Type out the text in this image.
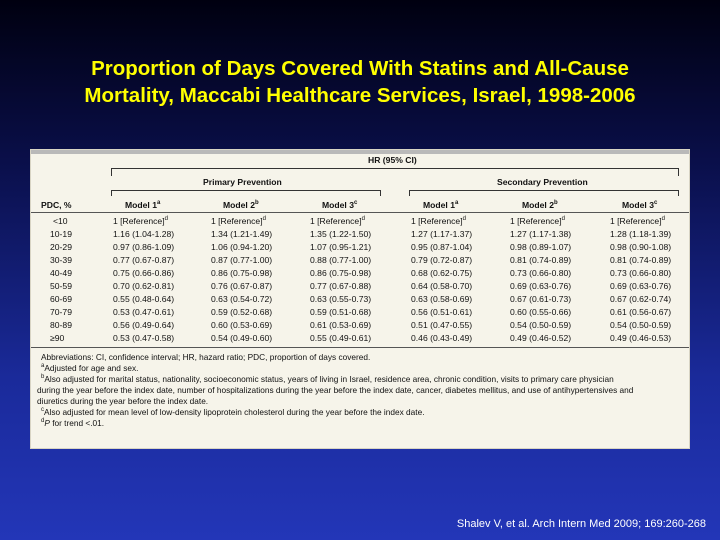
Proportion of Days Covered With Statins and All-Cause
Mortality, Maccabi Healthcare Services, Israel, 1998-2006
HR (95% CI)
Primary Prevention	Secondary Prevention
PDC, %	Model 1$^a$	Model 2$^b$	Model 3$^c$	Model 1$^a$	Model 2$^b$	Model $3^c$
<10	1 [Reference]$^d$	1 [Reference]$^d$	1 [Reference]$^d$	1 [Reference]$^d$	1 [Reference]$^d$	1 [Reference]$^d$
10-19	1.16 (1.04-1.28)	1.34 (1.21-1.49)	1.35 (1.22-1.50)	1.27 (1.17-1.37)	1.27 (1.17-1.38)	1.28 (1.18-1.39)
20-29	0.97 (0.86-1.09)	1.06 (0.94-1.20)	1.07 (0.95-1.21)	0.95 (0.87-1.04)	0.98 (0.89-1.07)	0.98 (0.90-1.08)
30-39	0.77 (0.67-0.87)	0.87 (0.77-1.00)	0.88 (0.77-1.00)	0.79 (0.72-0.87)	0.81 (0.74-0.89)	0.81 (0.74-0.89)
40-49	0.75 (0.66-0.86)	0.86 (0.75-0.98)	0.86 (0.75-0.98)	0.68 (0.62-0.75)	0.73 (0.66-0.80)	0.73 (0.66-0.80)
50-59	0.70 (0.62-0.81)	0.76 (0.67-0.87)	0.77 (0.67-0.88)	0.64 (0.58-0.70)	0.69 (0.63-0.76)	0.69 (0.63-0.76)
60-69	0.55 (0.48-0.64)	0.63 (0.54-0.72)	0.63 (0.55-0.73)	0.63 (0.58-0.69)	0.67 (0.61-0.73)	0.67 (0.62-0.74)
70-79	0.53 (0.47-0.61)	0.59 (0.52-0.68)	0.59 (0.51-0.68)	0.56 (0.51-0.61)	0.60 (0.55-0.66)	0.61 (0.56-0.67)
80-89	0.56 (0.49-0.64)	0.60 (0.53-0.69)	0.61 (0.53-0.69)	0.51 (0.47-0.55)	0.54 (0.50-0.59)	0.54 (0.50-0.59)
≥90	0.53 (0.47-0.58)	0.54 (0.49-0.60)	0.55 (0.49-0.61)	0.46 (0.43-0.49)	0.49 (0.46-0.52)	0.49 (0.46-0.53)
Abbreviations: CI, confidence interval; HR, hazard ratio; PDC, proportion of days covered.
$^a$Adjusted for age and sex.
$^b$Also adjusted for marital status, nationality, socioeconomic status, years of living in Israel, residence area, chronic condition, visits to primary care physician
during the year before the index date, number of hospitalizations during the year before the index date, cancer, diabetes mellitus, and use of antihypertensives and
diuretics during the year before the index date.
$^c$Also adjusted for mean level of low-density lipoprotein cholesterol during the year before the index date.
$^d$P for trend <.01.
Shalev V, et al. Arch Intern Med 2009; 169:260-268
